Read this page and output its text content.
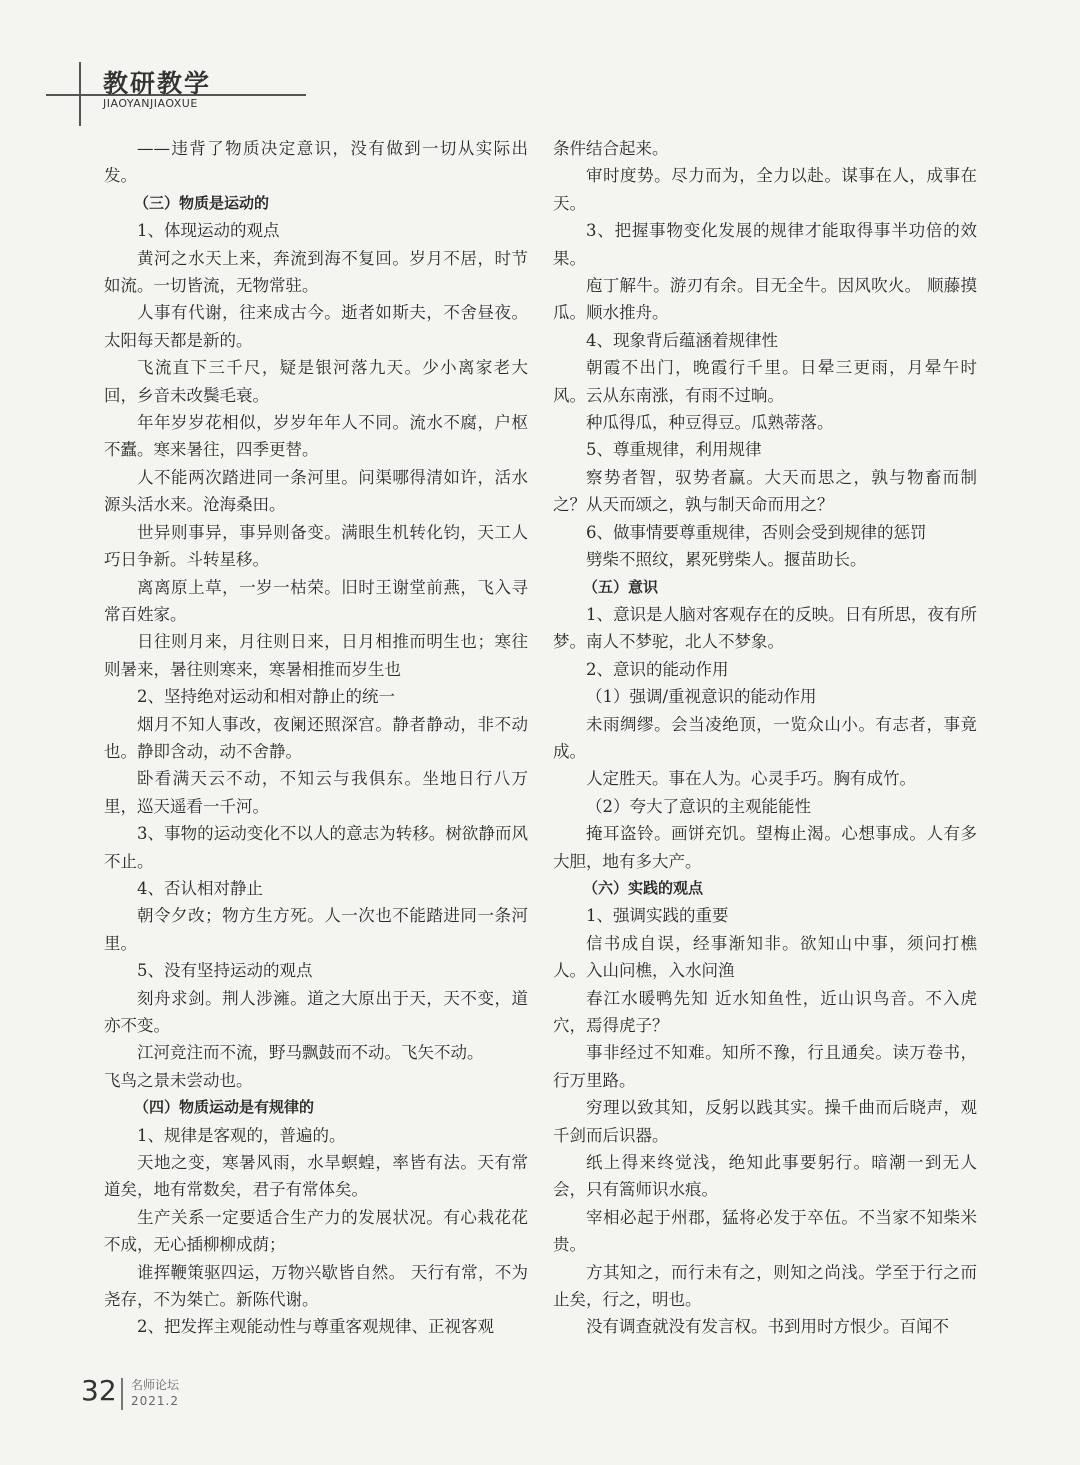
教研教学
JIAOYANJIAOXUE

——违背了物质决定意识，没有做到一切从实际出发。

（三）物质是运动的

1、体现运动的观点

黄河之水天上来，奔流到海不复回。岁月不居，时节如流。一切皆流，无物常驻。

人事有代谢，往来成古今。逝者如斯夫，不舍昼夜。太阳每天都是新的。

飞流直下三千尺，疑是银河落九天。少小离家老大回，乡音未改鬓毛衰。

年年岁岁花相似，岁岁年年人不同。流水不腐，户枢不蠹。寒来暑往，四季更替。

人不能两次踏进同一条河里。问渠哪得清如许，活水源头活水来。沧海桑田。

世异则事异，事异则备变。满眼生机转化钧，天工人巧日争新。斗转星移。

离离原上草，一岁一枯荣。旧时王谢堂前燕，飞入寻常百姓家。

日往则月来，月往则日来，日月相推而明生也；寒往则暑来，暑往则寒来，寒暑相推而岁生也

2、坚持绝对运动和相对静止的统一

烟月不知人事改，夜阑还照深宫。静者静动，非不动也。静即含动，动不舍静。

卧看满天云不动，不知云与我俱东。坐地日行八万里，巡天遥看一千河。

3、事物的运动变化不以人的意志为转移。树欲静而风不止。

4、否认相对静止

朝令夕改；物方生方死。人一次也不能踏进同一条河里。

5、没有坚持运动的观点

刻舟求剑。荆人涉澭。道之大原出于天，天不变，道亦不变。

江河竞注而不流，野马飘鼓而不动。飞矢不动。

飞鸟之景未尝动也。

（四）物质运动是有规律的

1、规律是客观的，普遍的。

天地之变，寒暑风雨，水旱螟蝗，率皆有法。天有常道矣，地有常数矣，君子有常体矣。

生产关系一定要适合生产力的发展状况。有心栽花花不成，无心插柳柳成荫；

谁挥鞭策驱四运，万物兴歇皆自然。 天行有常，不为尧存，不为桀亡。新陈代谢。

2、把发挥主观能动性与尊重客观规律、正视客观

条件结合起来。

审时度势。尽力而为，全力以赴。谋事在人，成事在天。

3、把握事物变化发展的规律才能取得事半功倍的效果。

庖丁解牛。游刃有余。目无全牛。因风吹火。 顺藤摸瓜。顺水推舟。

4、现象背后蕴涵着规律性

朝霞不出门，晚霞行千里。日晕三更雨，月晕午时风。云从东南涨，有雨不过晌。

种瓜得瓜，种豆得豆。瓜熟蒂落。

5、尊重规律，利用规律

察势者智，驭势者赢。大天而思之，孰与物畜而制之？从天而颂之，孰与制天命而用之？

6、做事情要尊重规律，否则会受到规律的惩罚

劈柴不照纹，累死劈柴人。揠苗助长。

（五）意识

1、意识是人脑对客观存在的反映。日有所思，夜有所梦。南人不梦驼，北人不梦象。

2、意识的能动作用

（1）强调/重视意识的能动作用

未雨绸缪。会当凌绝顶，一览众山小。有志者，事竟成。

人定胜天。事在人为。心灵手巧。胸有成竹。

（2）夸大了意识的主观能能性

掩耳盗铃。画饼充饥。望梅止渴。心想事成。人有多大胆，地有多大产。

（六）实践的观点

1、强调实践的重要

信书成自误，经事渐知非。欲知山中事，须问打樵人。入山问樵，入水问渔

春江水暖鸭先知 近水知鱼性，近山识鸟音。不入虎穴，焉得虎子？

事非经过不知难。知所不豫，行且通矣。读万卷书，行万里路。

穷理以致其知，反躬以践其实。操千曲而后晓声，观千剑而后识器。

纸上得来终觉浅，绝知此事要躬行。暗潮一到无人会，只有篙师识水痕。

宰相必起于州郡，猛将必发于卒伍。不当家不知柴米贵。

方其知之，而行未有之，则知之尚浅。学至于行之而止矣，行之，明也。

没有调查就没有发言权。书到用时方恨少。百闻不

32 名师论坛
2021.2
